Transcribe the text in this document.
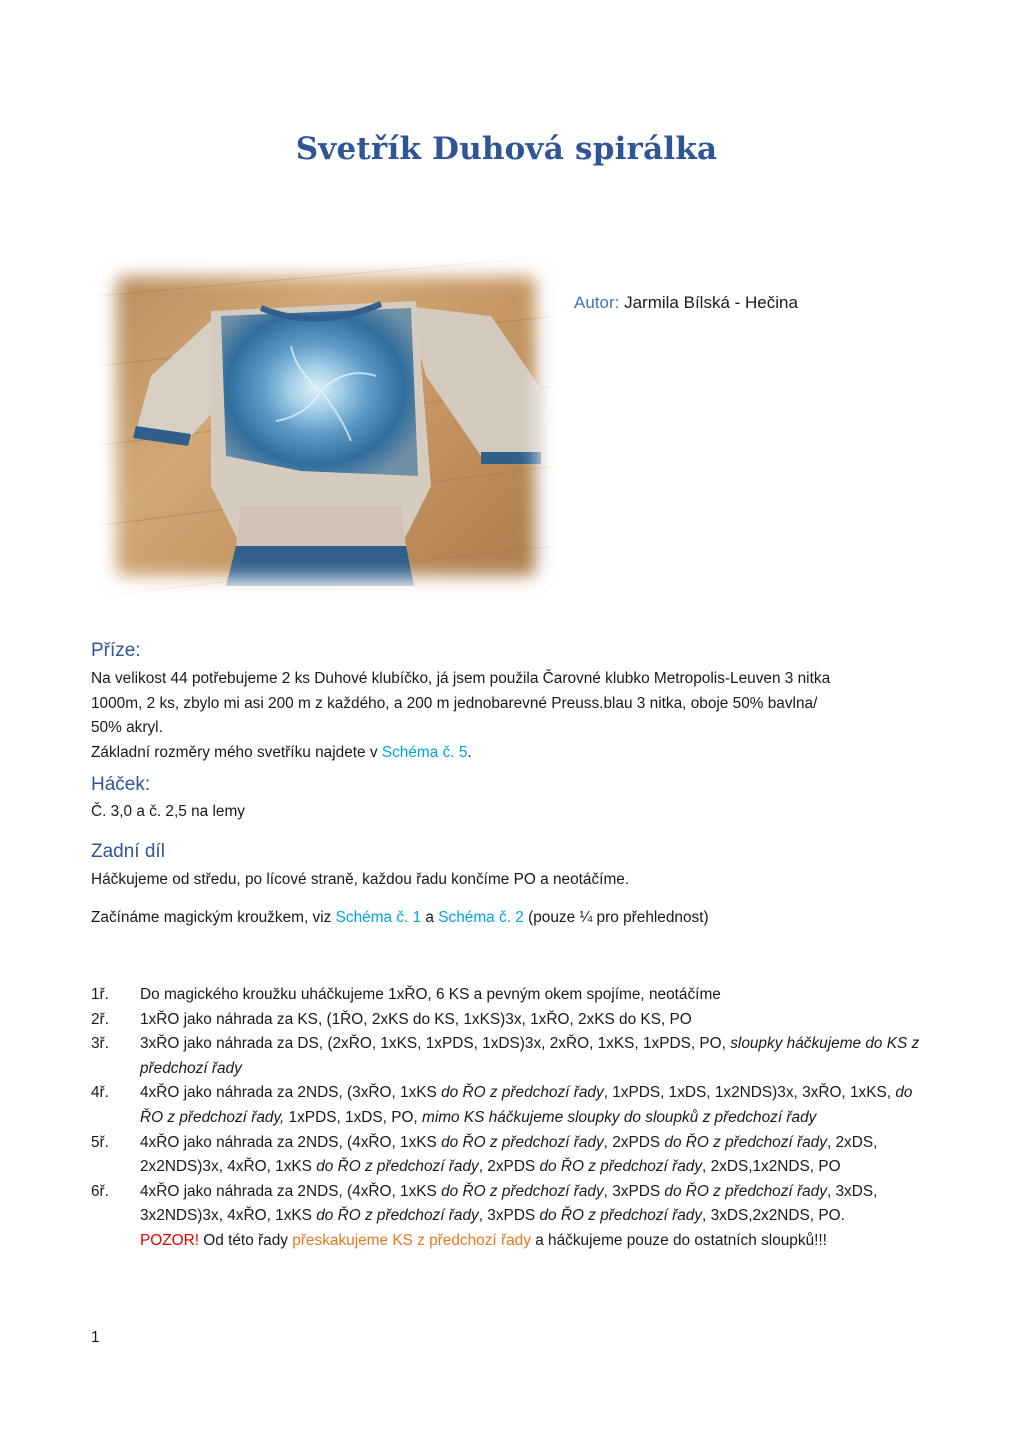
Svetřík Duhová spirálka
Autor: Jarmila Bílská - Hečina
Příze:
Na velikost 44 potřebujeme 2 ks Duhové klubíčko, já jsem použila Čarovné klubko Metropolis-Leuven 3 nitka
1000m, 2 ks, zbylo mi asi 200 m z každého, a 200 m jednobarevné Preuss.blau 3 nitka, oboje 50% bavlna/
50% akryl.
Základní rozměry mého svetříku najdete v Schéma č. 5.
Háček:
Č. 3,0 a č. 2,5 na lemy
Zadní díl
Háčkujeme od středu, po lícové straně, každou řadu končíme PO a neotáčíme.
Začínáme magickým kroužkem, viz Schéma č. 1 a Schéma č. 2 (pouze ¼ pro přehlednost)
1ř.	Do magického kroužku uháčkujeme 1xŘO, 6 KS a pevným okem spojíme, neotáčíme
2ř.	1xŘO jako náhrada za KS, (1ŘO, 2xKS do KS, 1xKS)3x, 1xŘO, 2xKS do KS, PO
3ř.	3xŘO jako náhrada za DS, (2xŘO, 1xKS, 1xPDS, 1xDS)3x, 2xŘO, 1xKS, 1xPDS, PO, sloupky háčkujeme do KS z předchozí řady
4ř.	4xŘO jako náhrada za 2NDS, (3xŘO, 1xKS do ŘO z předchozí řady, 1xPDS, 1xDS, 1x2NDS)3x, 3xŘO, 1xKS, do ŘO z předchozí řady, 1xPDS, 1xDS, PO, mimo KS háčkujeme sloupky do sloupků z předchozí řady
5ř.	4xŘO jako náhrada za 2NDS, (4xŘO, 1xKS do ŘO z předchozí řady, 2xPDS do ŘO z předchozí řady, 2xDS, 2x2NDS)3x, 4xŘO, 1xKS do ŘO z předchozí řady, 2xPDS do ŘO z předchozí řady, 2xDS,1x2NDS, PO
6ř.	4xŘO jako náhrada za 2NDS, (4xŘO, 1xKS do ŘO z předchozí řady, 3xPDS do ŘO z předchozí řady, 3xDS, 3x2NDS)3x, 4xŘO, 1xKS do ŘO z předchozí řady, 3xPDS do ŘO z předchozí řady, 3xDS,2x2NDS, PO.
POZOR! Od této řady přeskakujeme KS z předchozí řady a háčkujeme pouze do ostatních sloupků!!!
1
